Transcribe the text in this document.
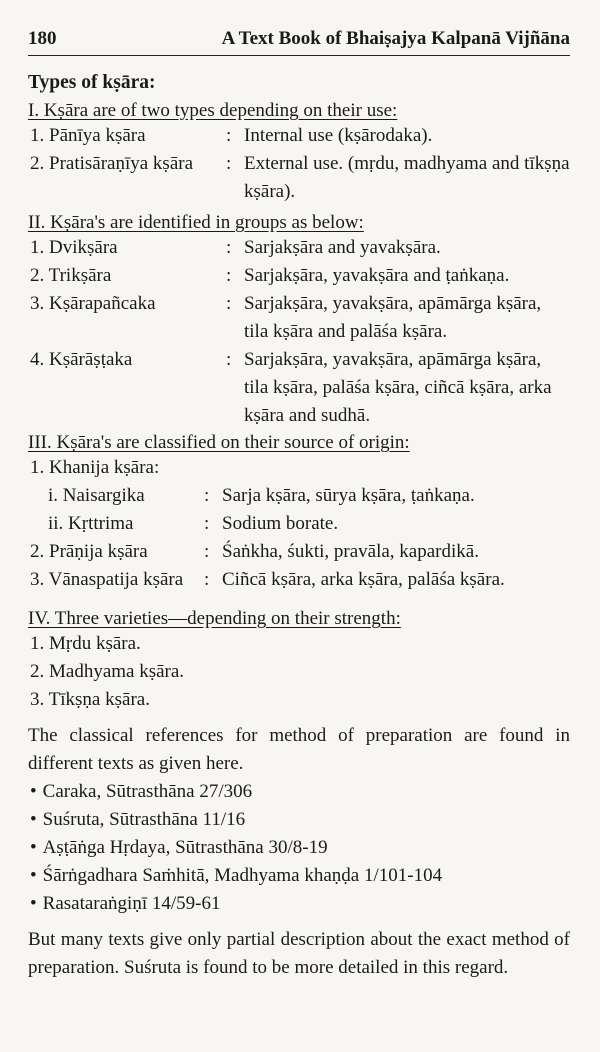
180	A Text Book of Bhaiṣajya Kalpanā Vijñāna
Types of kṣāra:
I. Kṣāra are of two types depending on their use:
1. Pānīya kṣāra	: Internal use (kṣārodaka).
2. Pratisāraṇīya kṣāra	: External use. (mṛdu, madhyama and tīkṣṇa kṣāra).
II. Kṣāra's are identified in groups as below:
1. Dvikṣāra	: Sarjakṣāra and yavakṣāra.
2. Trikṣāra	: Sarjakṣāra, yavakṣāra and ṭaṅkaṇa.
3. Kṣārapañcaka	: Sarjakṣāra, yavakṣāra, apāmārga kṣāra, tila kṣāra and palāśa kṣāra.
4. Kṣārāṣṭaka	: Sarjakṣāra, yavakṣāra, apāmārga kṣāra, tila kṣāra, palāśa kṣāra, ciñcā kṣāra, arka kṣāra and sudhā.
III. Kṣāra's are classified on their source of origin:
1. Khanija kṣāra:
i. Naisargika	: Sarja kṣāra, sūrya kṣāra, ṭaṅkaṇa.
ii. Kṛttrima	: Sodium borate.
2. Prāṇija kṣāra	: Śaṅkha, śukti, pravāla, kapardikā.
3. Vānaspatija kṣāra	: Ciñcā kṣāra, arka kṣāra, palāśa kṣāra.
IV. Three varieties—depending on their strength:
1. Mṛdu kṣāra.
2. Madhyama kṣāra.
3. Tīkṣṇa kṣāra.
The classical references for method of preparation are found in different texts as given here.
• Caraka, Sūtrasthāna 27/306
• Suśruta, Sūtrasthāna 11/16
• Aṣṭāṅga Hṛdaya, Sūtrasthāna 30/8-19
• Śārṅgadhara Saṁhitā, Madhyama khaṇḍa 1/101-104
• Rasataraṅgiṇī 14/59-61
But many texts give only partial description about the exact method of preparation. Suśruta is found to be more detailed in this regard.
